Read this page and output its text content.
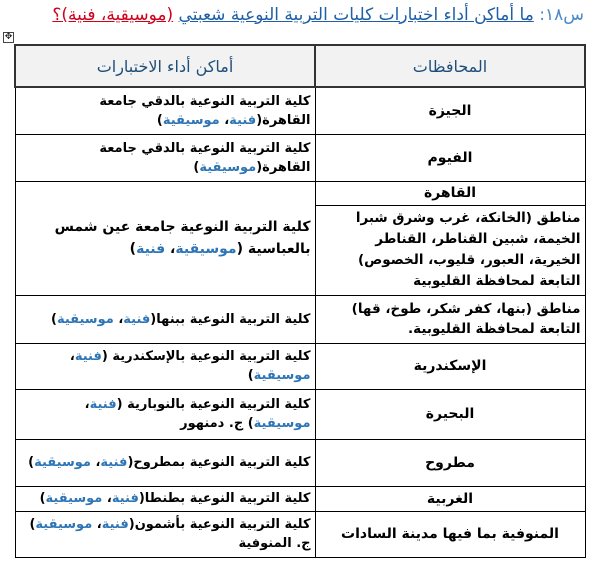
س١٨: ما أماكن أداء اختبارات كليات التربية النوعية شعبتي (موسيقية، فنية)؟
✥
المحافظات	أماكن أداء الاختبارات
الجيزة	كلية التربية النوعية بالدقي جامعة القاهرة(فنية، موسيقية)
الفيوم	كلية التربية النوعية بالدقي جامعة القاهرة(موسيقية)
القاهرة	كلية التربية النوعية جامعة عين شمس بالعباسية (موسيقية، فنية)
مناطق (الخانكة، غرب وشرق شبرا الخيمة، شبين القناطر، القناطر الخيرية، العبور، قليوب، الخصوص) التابعة لمحافظة القليوبية	
مناطق (بنها، كفر شكر، طوخ، قها) التابعة لمحافظة القليوبية.	كلية التربية النوعية ببنها(فنية، موسيقية)
الإسكندرية	كلية التربية النوعية بالإسكندرية (فنية، موسيقية)
البحيرة	كلية التربية النوعية بالنوبارية (فنية، موسيقية) ج. دمنهور
مطروح	كلية التربية النوعية بمطروح(فنية، موسيقية)
الغربية	كلية التربية النوعية بطنطا(فنية، موسيقية)
المنوفية بما فيها مدينة السادات	كلية التربية النوعية بأشمون(فنية، موسيقية) ج. المنوفية
